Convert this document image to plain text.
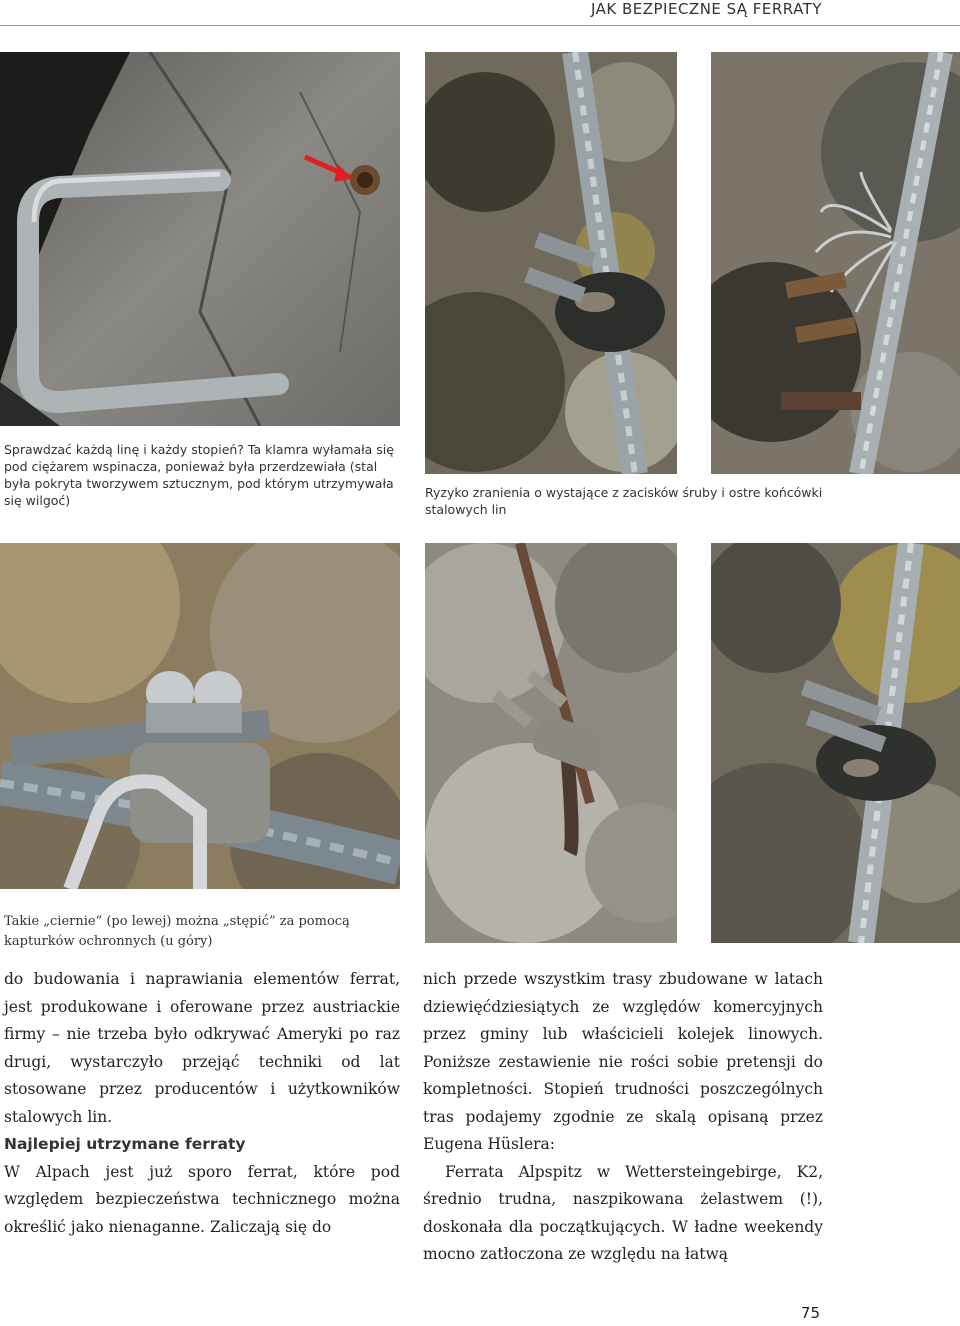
JAK BEZPIECZNE SĄ FERRATY
Sprawdzać każdą linę i każdy stopień? Ta klamra wyłamała się pod ciężarem wspinacza, ponieważ była przerdzewiała (stal była pokryta tworzywem sztucznym, pod którym utrzymywała się wilgoć)
Ryzyko zranienia o wystające z zacisków śruby i ostre końcówki stalowych lin
Takie „ciernie” (po lewej) można „stępić” za pomocą kapturków ochronnych (u góry)

do budowania i naprawiania elementów ferrat, jest produkowane i oferowane przez austriackie firmy – nie trzeba było odkrywać Ameryki po raz drugi, wystarczyło przejąć techniki od lat stosowane przez producentów i użytkowników stalowych lin.

Najlepiej utrzymane ferraty

W Alpach jest już sporo ferrat, które pod względem bezpieczeństwa technicznego można określić jako nienaganne. Zaliczają się do

nich przede wszystkim trasy zbudowane w latach dziewięćdziesiątych ze względów komercyjnych przez gminy lub właścicieli kolejek linowych. Poniższe zestawienie nie rości sobie pretensji do kompletności. Stopień trudności poszczególnych tras podajemy zgodnie ze skalą opisaną przez Eugena Hüslera:

Ferrata Alpspitz w Wettersteingebirge, K2, średnio trudna, naszpikowana żelastwem (!), doskonała dla początkujących. W ładne weekendy mocno zatłoczona ze względu na łatwą

75
